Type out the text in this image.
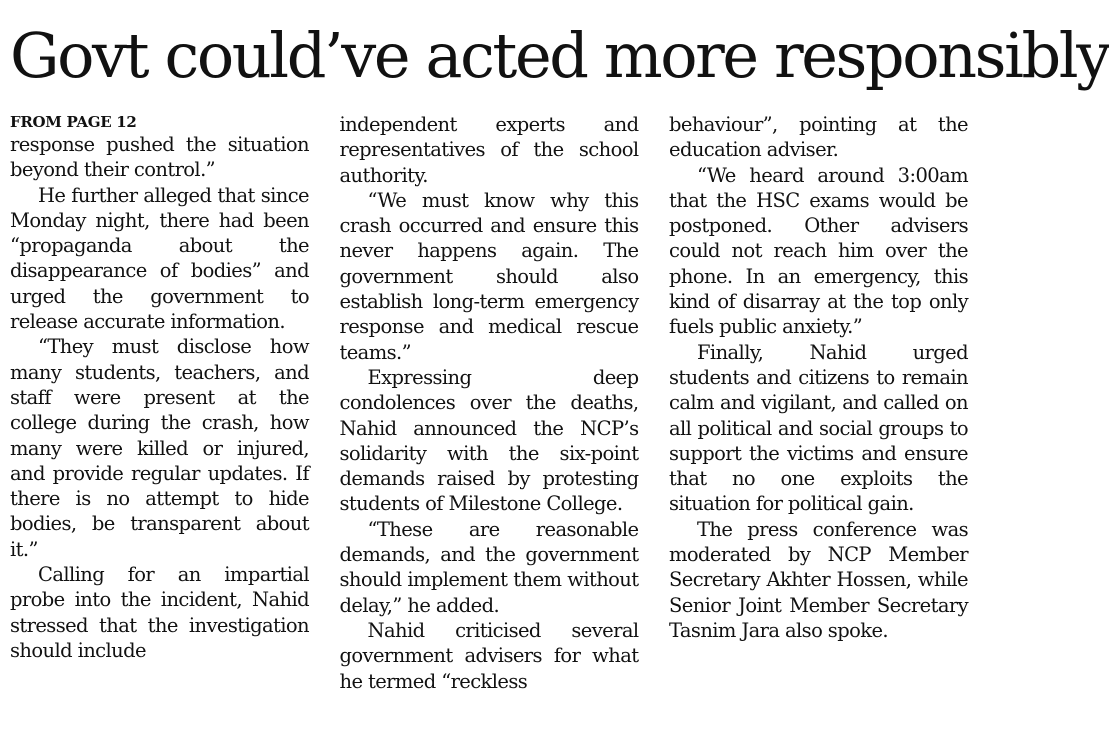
Govt could’ve acted more responsibly
FROM PAGE 12

response pushed the situation beyond their control.”

He further alleged that since Monday night, there had been “propaganda about the disappearance of bodies” and urged the government to release accurate information.

“They must disclose how many students, teachers, and staff were present at the college during the crash, how many were killed or injured, and provide regular updates. If there is no attempt to hide bodies, be transparent about it.”

Calling for an impartial probe into the incident, Nahid stressed that the investigation should include

independent experts and representatives of the school authority.

“We must know why this crash occurred and ensure this never happens again. The government should also establish long-term emergency response and medical rescue teams.”

Expressing deep condolences over the deaths, Nahid announced the NCP’s solidarity with the six-point demands raised by protesting students of Milestone College.

“These are reasonable demands, and the government should implement them without delay,” he added.

Nahid criticised several government advisers for what he termed “reckless

behaviour”, pointing at the education adviser.

“We heard around 3:00am that the HSC exams would be postponed. Other advisers could not reach him over the phone. In an emergency, this kind of disarray at the top only fuels public anxiety.”

Finally, Nahid urged students and citizens to remain calm and vigilant, and called on all political and social groups to support the victims and ensure that no one exploits the situation for political gain.

The press conference was moderated by NCP Member Secretary Akhter Hossen, while Senior Joint Member Secretary Tasnim Jara also spoke.
